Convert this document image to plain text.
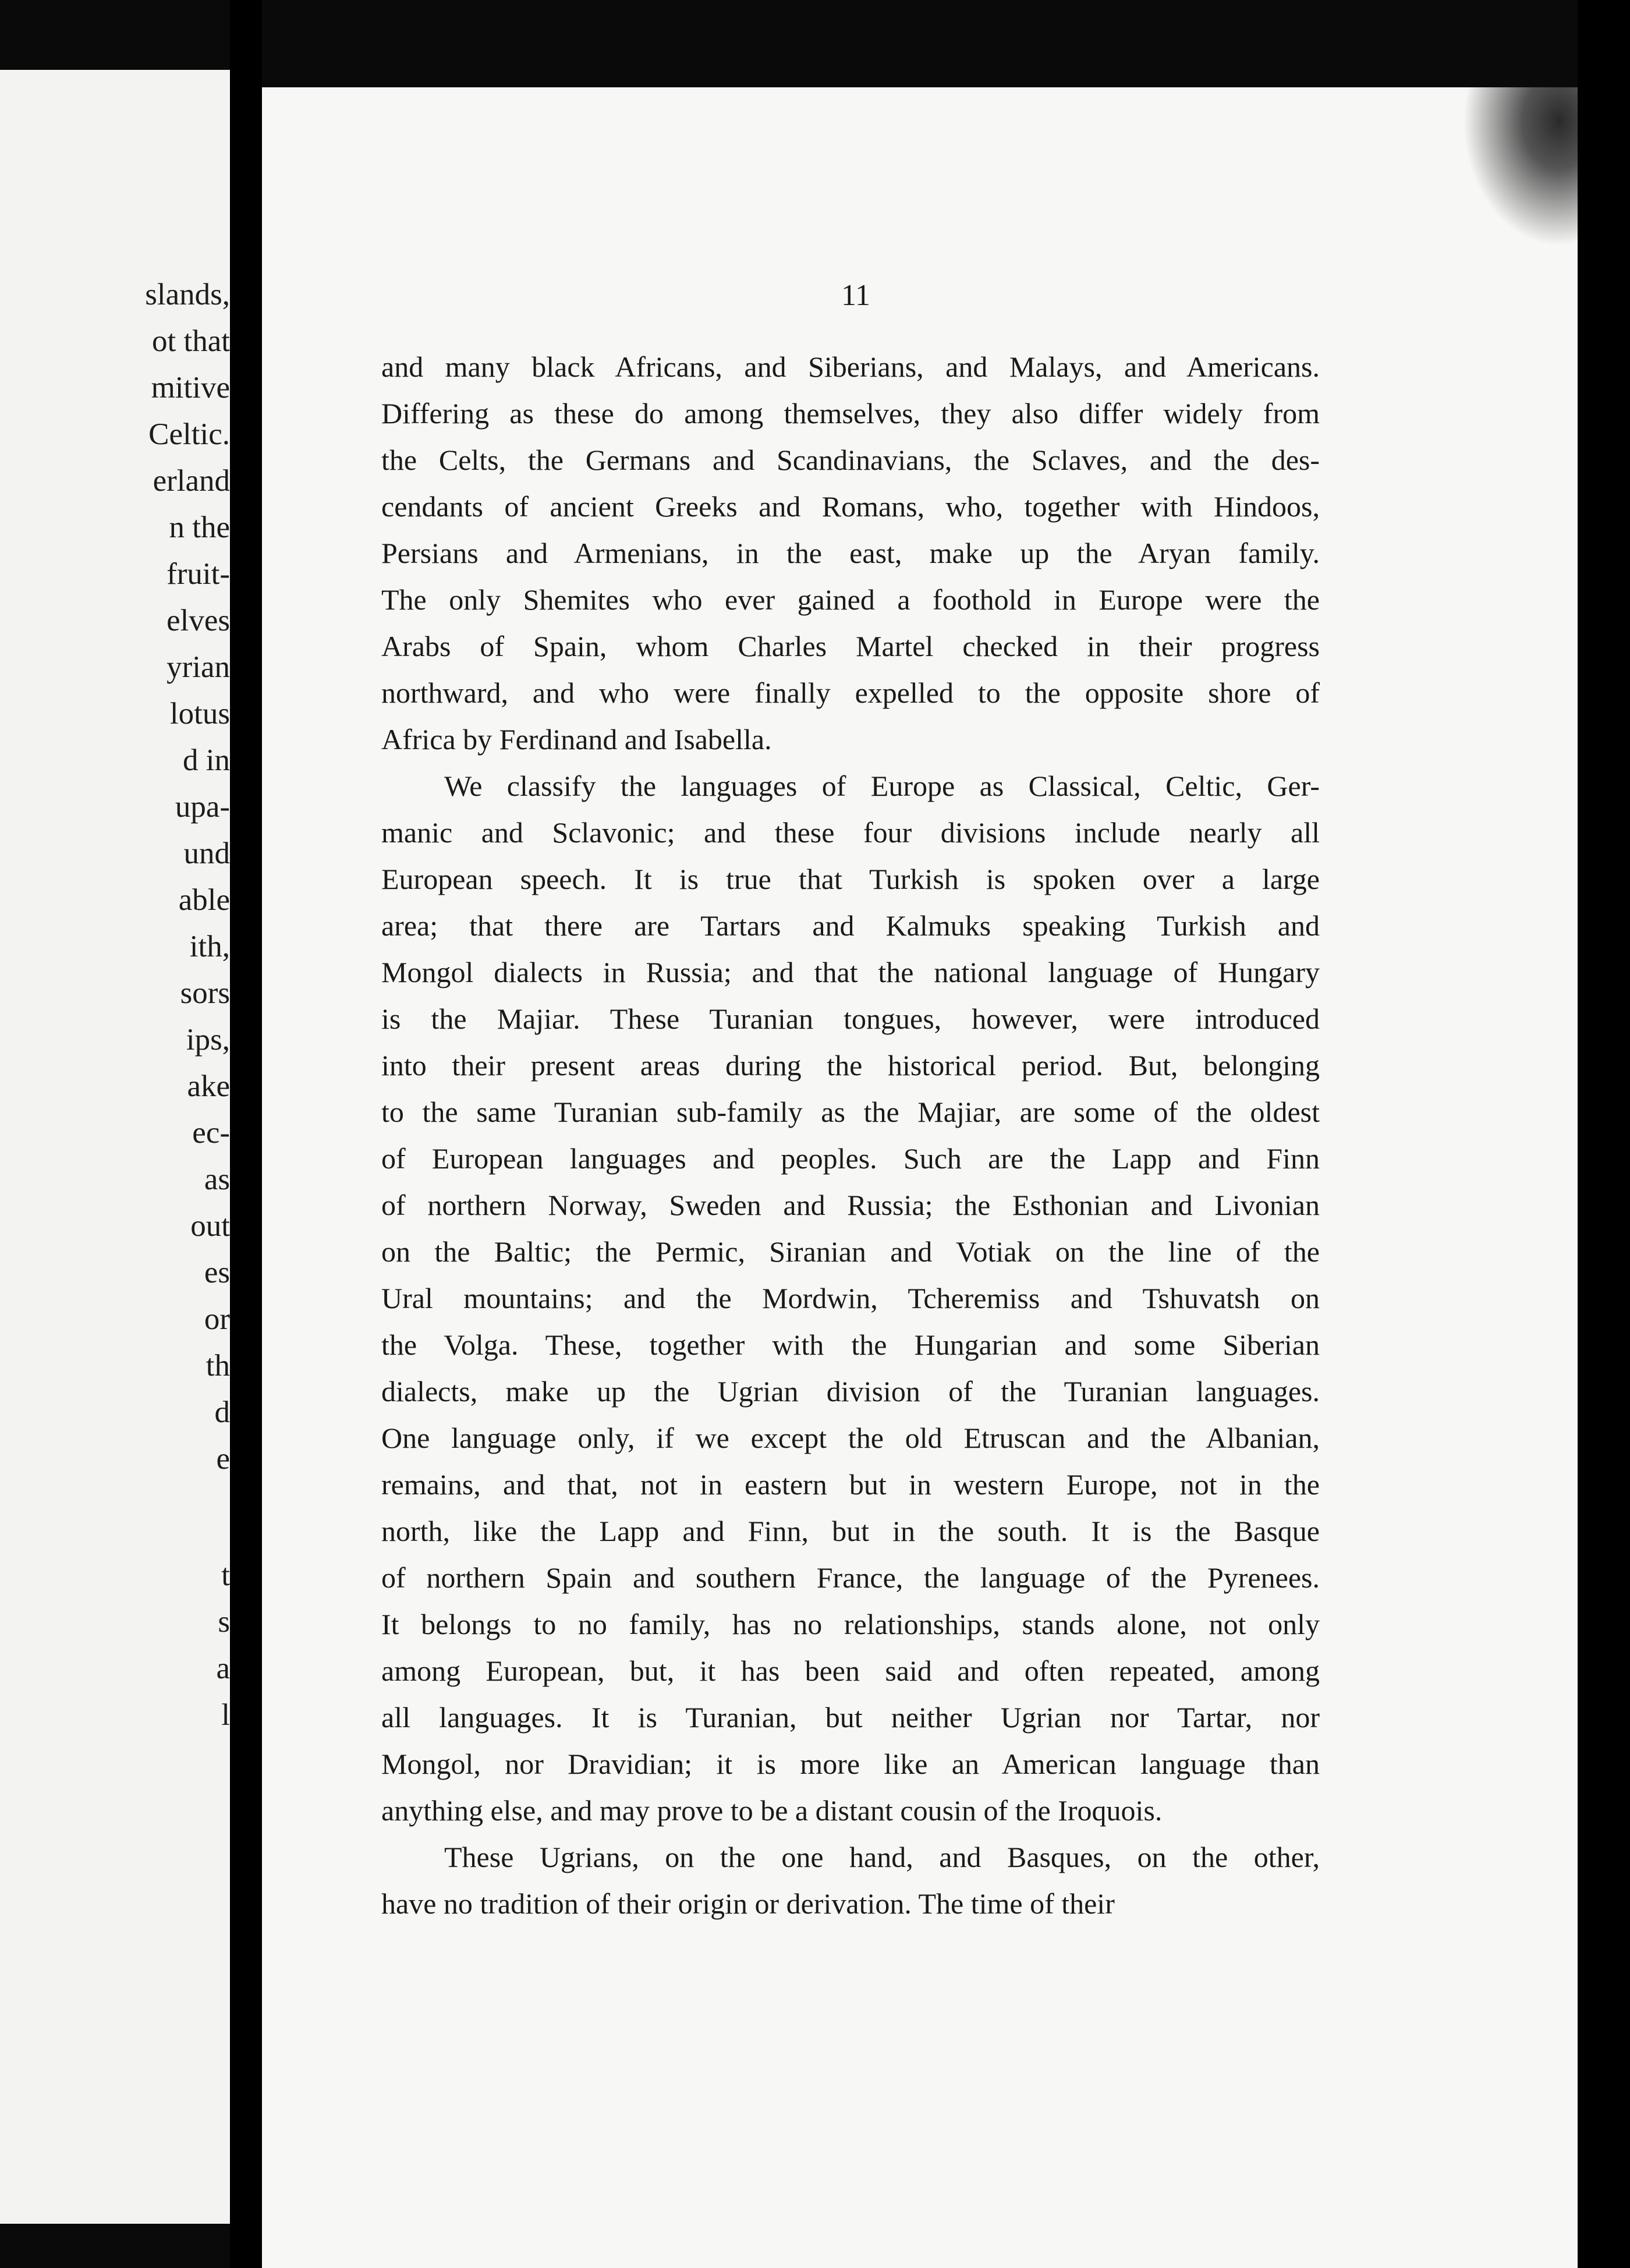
slands,
ot that
mitive
Celtic.
erland
n the
fruit-
elves
yrian
lotus
d in
upa-
und
able
ith,
sors
ips,
ake
ec-
as
out
es
or
th
d
e
t
s
a
l
11
and many black Africans, and Siberians, and Malays, and Americans.
Differing as these do among themselves, they also differ widely from
the Celts, the Germans and Scandinavians, the Sclaves, and the des-
cendants of ancient Greeks and Romans, who, together with Hindoos,
Persians and Armenians, in the east, make up the Aryan family.
The only Shemites who ever gained a foothold in Europe were the
Arabs of Spain, whom Charles Martel checked in their progress
northward, and who were finally expelled to the opposite shore of
Africa by Ferdinand and Isabella.
We classify the languages of Europe as Classical, Celtic, Ger-
manic and Sclavonic; and these four divisions include nearly all
European speech. It is true that Turkish is spoken over a large
area; that there are Tartars and Kalmuks speaking Turkish and
Mongol dialects in Russia; and that the national language of Hungary
is the Majiar. These Turanian tongues, however, were introduced
into their present areas during the historical period. But, belonging
to the same Turanian sub-family as the Majiar, are some of the oldest
of European languages and peoples. Such are the Lapp and Finn
of northern Norway, Sweden and Russia; the Esthonian and Livonian
on the Baltic; the Permic, Siranian and Votiak on the line of the
Ural mountains; and the Mordwin, Tcheremiss and Tshuvatsh on
the Volga. These, together with the Hungarian and some Siberian
dialects, make up the Ugrian division of the Turanian languages.
One language only, if we except the old Etruscan and the Albanian,
remains, and that, not in eastern but in western Europe, not in the
north, like the Lapp and Finn, but in the south. It is the Basque
of northern Spain and southern France, the language of the Pyrenees.
It belongs to no family, has no relationships, stands alone, not only
among European, but, it has been said and often repeated, among
all languages. It is Turanian, but neither Ugrian nor Tartar, nor
Mongol, nor Dravidian; it is more like an American language than
anything else, and may prove to be a distant cousin of the Iroquois.
These Ugrians, on the one hand, and Basques, on the other,
have no tradition of their origin or derivation. The time of their
